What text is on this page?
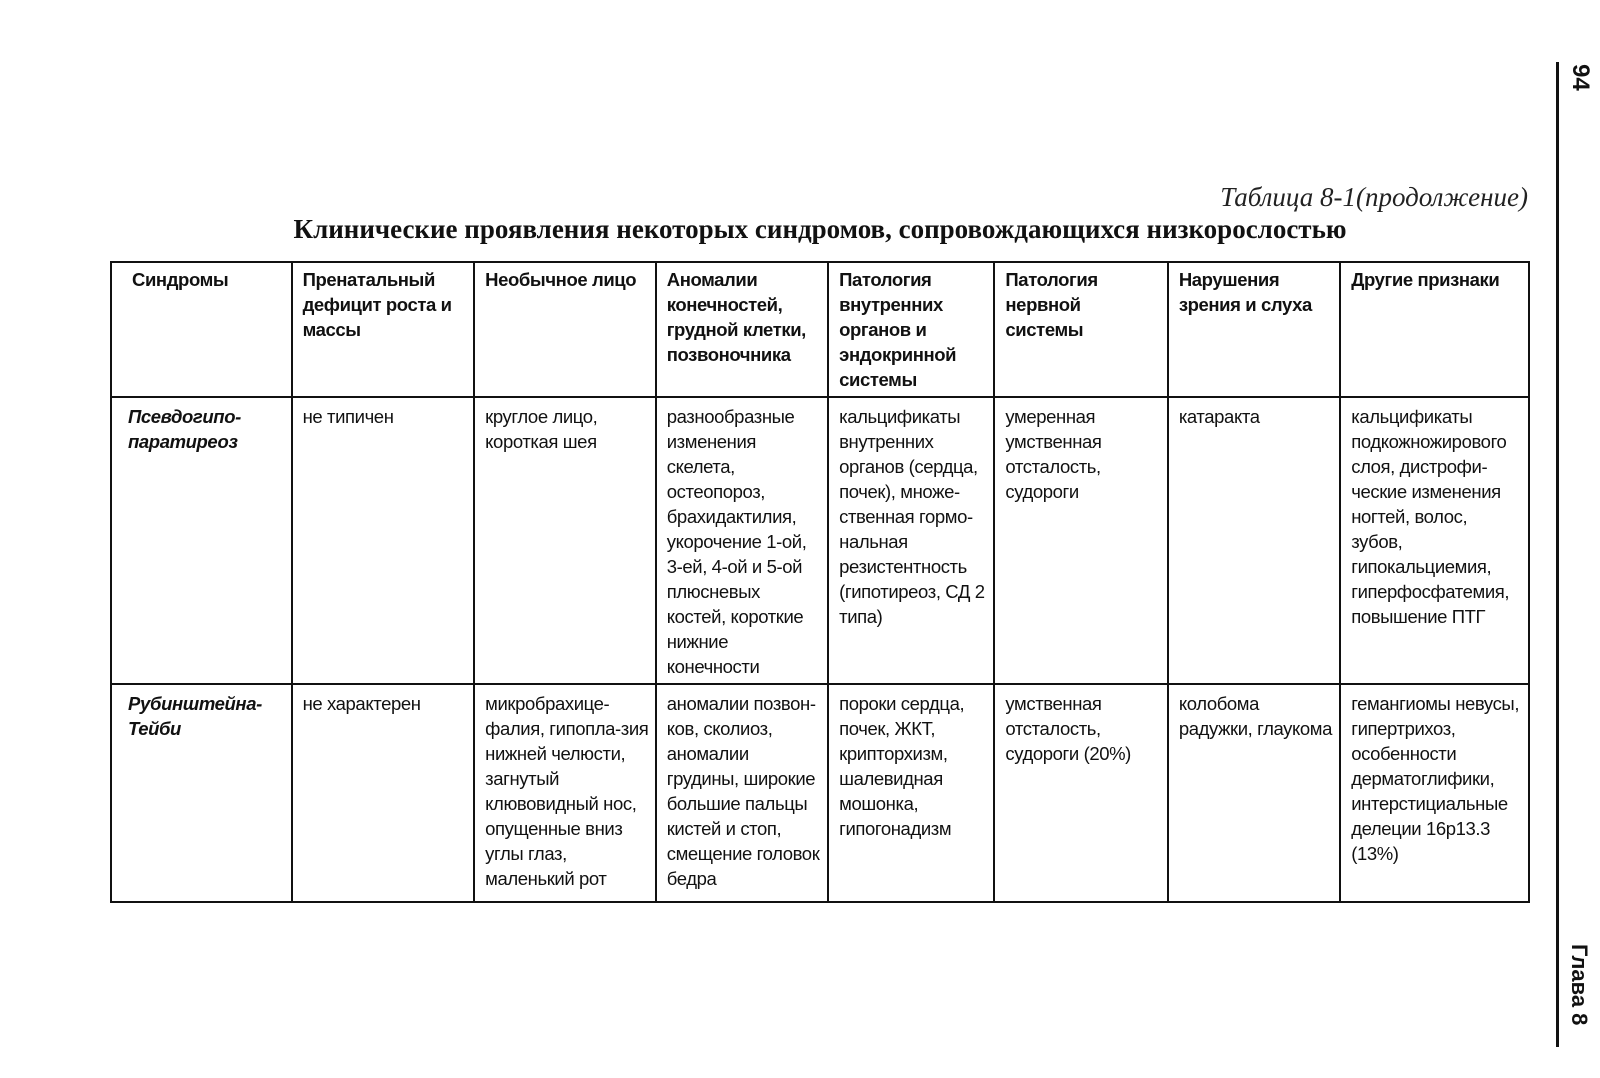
Таблица 8-1(продолжение)
Клинические проявления некоторых синдромов, сопровождающихся низкорослостью
Синдромы	Пренатальный дефицит роста и массы	Необычное лицо	Аномалии конечностей, грудной клетки, позвоночника	Патология внутренних органов и эндокринной системы	Патология нервной системы	Нарушения зрения и слуха	Другие признаки
Псевдогипо-паратиреоз	не типичен	круглое лицо, короткая шея	разнообразные изменения скелета, остеопороз, брахидактилия, укорочение 1-ой, 3-ей, 4-ой и 5-ой плюсневых костей, короткие нижние конечности	кальцификаты внутренних органов (сердца, почек), множе-ственная гормо-нальная резистентность (гипотиреоз, СД 2 типа)	умеренная умственная отсталость, судороги	катаракта	кальцификаты подкожножирового слоя, дистрофи-ческие изменения ногтей, волос, зубов, гипокальциемия, гиперфосфатемия, повышение ПТГ
Рубинштейна-Тейби	не характерен	микробрахице-фалия, гипопла-зия нижней челюсти, загнутый клювовидный нос, опущенные вниз углы глаз, маленький рот	аномалии позвон-ков, сколиоз, аномалии грудины, широкие большие пальцы кистей и стоп, смещение головок бедра	пороки сердца, почек, ЖКТ, крипторхизм, шалевидная мошонка, гипогонадизм	умственная отсталость, судороги (20%)	колобома радужки, глаукома	гемангиомы невусы, гипертрихоз, особенности дерматоглифики, интерстициальные делеции 16р13.3 (13%)
94
Глава 8
